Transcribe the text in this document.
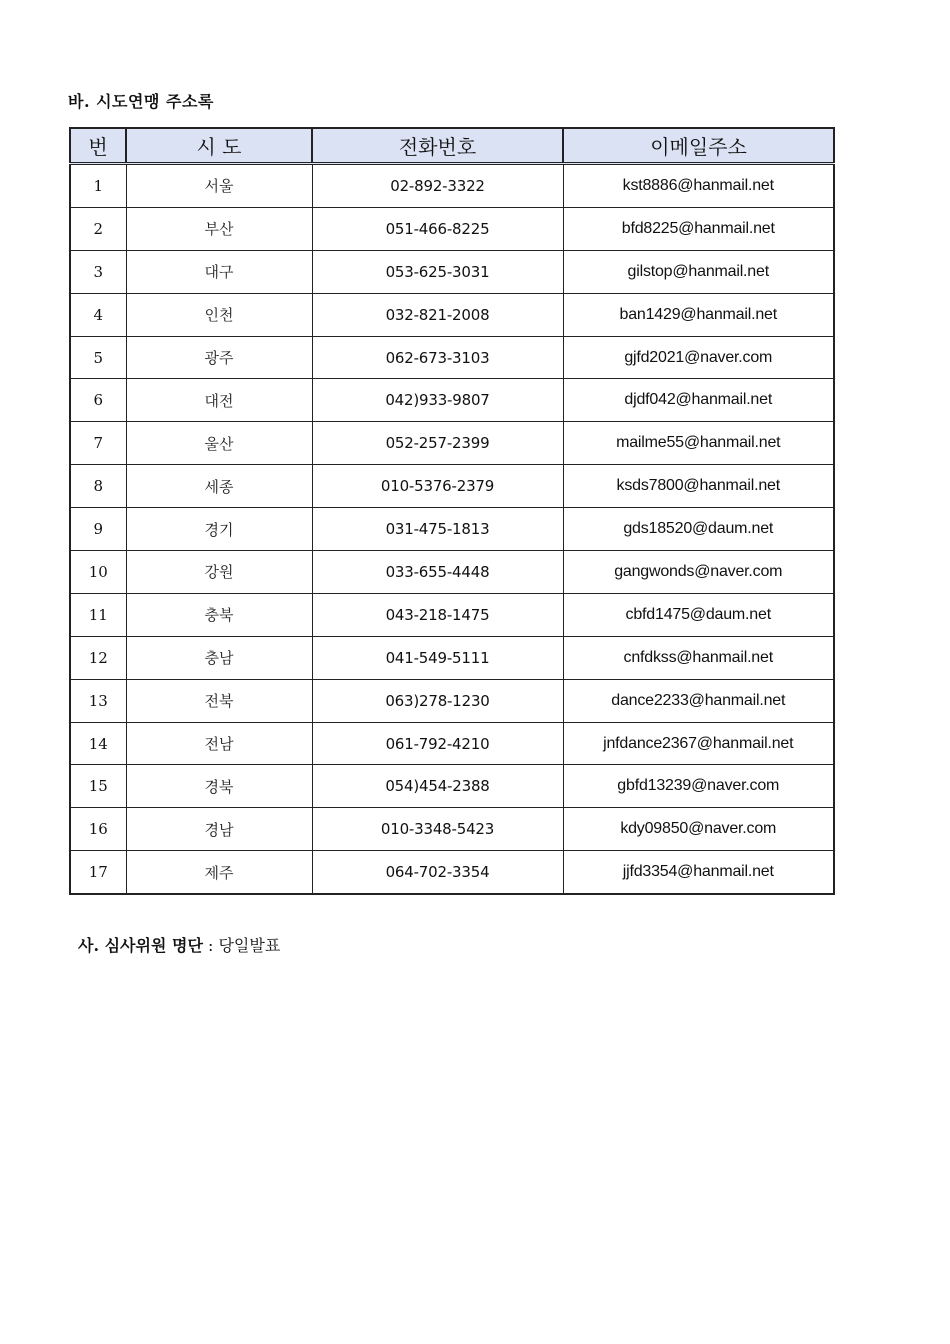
바. 시도연맹 주소록
번	시 도	전화번호	이메일주소
1	서울	02-892-3322	kst8886@hanmail.net
2	부산	051-466-8225	bfd8225@hanmail.net
3	대구	053-625-3031	gilstop@hanmail.net
4	인천	032-821-2008	ban1429@hanmail.net
5	광주	062-673-3103	gjfd2021@naver.com
6	대전	042)933-9807	djdf042@hanmail.net
7	울산	052-257-2399	mailme55@hanmail.net
8	세종	010-5376-2379	ksds7800@hanmail.net
9	경기	031-475-1813	gds18520@daum.net
10	강원	033-655-4448	gangwonds@naver.com
11	충북	043-218-1475	cbfd1475@daum.net
12	충남	041-549-5111	cnfdkss@hanmail.net
13	전북	063)278-1230	dance2233@hanmail.net
14	전남	061-792-4210	jnfdance2367@hanmail.net
15	경북	054)454-2388	gbfd13239@naver.com
16	경남	010-3348-5423	kdy09850@naver.com
17	제주	064-702-3354	jjfd3354@hanmail.net
사. 심사위원 명단 : 당일발표
